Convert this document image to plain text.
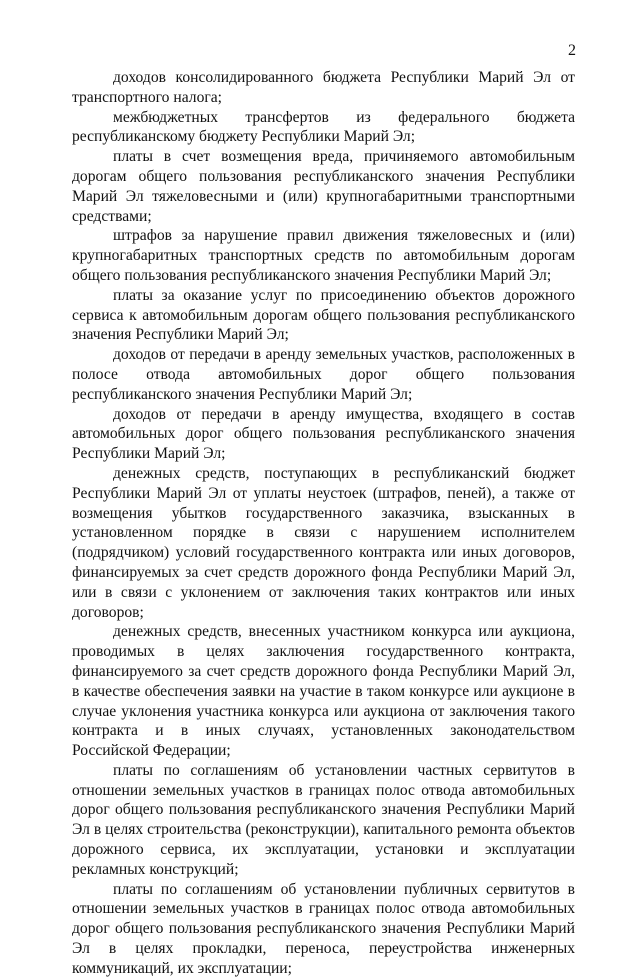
2

доходов консолидированного бюджета Республики Марий Эл от транспортного налога;

межбюджетных трансфертов из федерального бюджета республиканскому бюджету Республики Марий Эл;

платы в счет возмещения вреда, причиняемого автомобильным дорогам общего пользования республиканского значения Республики Марий Эл тяжеловесными и (или) крупногабаритными транспортными средствами;

штрафов за нарушение правил движения тяжеловесных и (или) крупногабаритных транспортных средств по автомобильным дорогам общего пользования республиканского значения Республики Марий Эл;

платы за оказание услуг по присоединению объектов дорожного сервиса к автомобильным дорогам общего пользования республиканского значения Республики Марий Эл;

доходов от передачи в аренду земельных участков, расположенных в полосе отвода автомобильных дорог общего пользования республиканского значения Республики Марий Эл;

доходов от передачи в аренду имущества, входящего в состав автомобильных дорог общего пользования республиканского значения Республики Марий Эл;

денежных средств, поступающих в республиканский бюджет Республики Марий Эл от уплаты неустоек (штрафов, пеней), а также от возмещения убытков государственного заказчика, взысканных в установленном порядке в связи с нарушением исполнителем (подрядчиком) условий государственного контракта или иных договоров, финансируемых за счет средств дорожного фонда Республики Марий Эл, или в связи с уклонением от заключения таких контрактов или иных договоров;

денежных средств, внесенных участником конкурса или аукциона, проводимых в целях заключения государственного контракта, финансируемого за счет средств дорожного фонда Республики Марий Эл, в качестве обеспечения заявки на участие в таком конкурсе или аукционе в случае уклонения участника конкурса или аукциона от заключения такого контракта и в иных случаях, установленных законодательством Российской Федерации;

платы по соглашениям об установлении частных сервитутов в отношении земельных участков в границах полос отвода автомобильных дорог общего пользования республиканского значения Республики Марий Эл в целях строительства (реконструкции), капитального ремонта объектов дорожного сервиса, их эксплуатации, установки и эксплуатации рекламных конструкций;

платы по соглашениям об установлении публичных сервитутов в отношении земельных участков в границах полос отвода автомобильных дорог общего пользования республиканского значения Республики Марий Эл в целях прокладки, переноса, переустройства инженерных коммуникаций, их эксплуатации;
